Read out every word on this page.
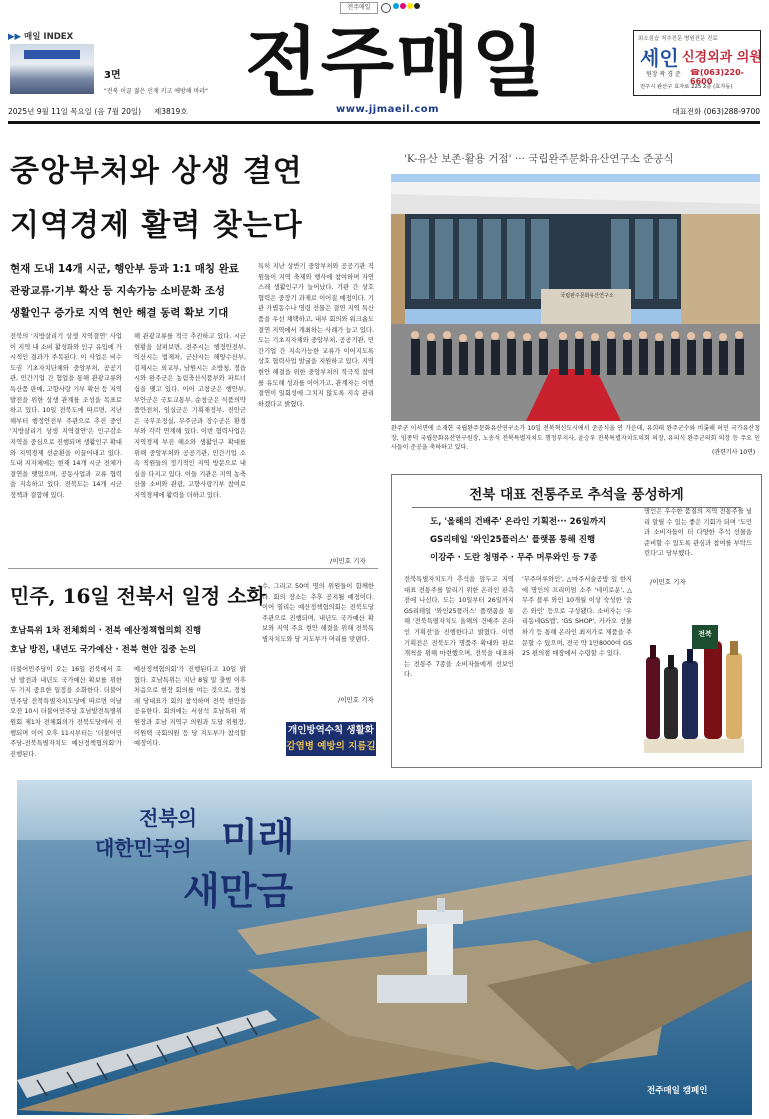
전주매일
▶▶ 매일 INDEX
3면
"전북 이끌 젊은 인재 키고 예방해 바랴" 전주매일	최소침습 척추전문 병원전문 진료
세인 신경외과 의원
원장 곽 경 준 ☎(063)220-6600
전주시 완산구 효자로 225 2층 (효자동)
2025년 9월 11일 목요일 (음 7월 20일) 제3819호	www.jjmaeil.com	대표전화 (063)288-9700
중앙부처와 상생 결연
지역경제 활력 찾는다
현재 도내 14개 시군, 행안부 등과 1:1 매칭 완료
관광교류·기부 확산 등 지속가능 소비문화 조성
생활인구 증가로 지역 현안 해결 동력 확보 기대
전북의 '지방살리기 상생 지역결연' 사업이 지역 내 소비 활성화와 인구 유입에 가시적인 결과가 주목된다. 이 사업은 비수도권 기초자치단체와 중앙부처, 공공기관, 민간기업 간 협업을 통해 관광교류와 특산품 판매, 고향사랑 기부 확산 등 지역 발전을 위한 상생 관계를 조성을 목표로 하고 있다. 10일 전북도에 따르면, 지난해부터 행정안전부 주관으로 추진 중인 '지방살리기 상생 지역결연'은 인구감소 지역을 중심으로 진행되며 생활인구 확대와 지역경제 선순환을 이끌어내고 있다. 도내 지자체에는 현재 14개 시군 전체가 결연을 맺었으며, 공동사업과 교류 협력을 지속하고 있다. 전북도는 14개 시군 정책과 결합해 있다.
해 관광교류를 적극 추진하고 있다. 시군 현황을 살펴보면, 전주시는 행정안전부, 익산시는 법제처, 군산시는 해양수산부, 김제시는 외교부, 남원시는 소방청, 정읍시와 완주군은 농림축산식품부와 파트너십을 맺고 있다. 이어 고창군은 행안부, 부안군은 국토교통부, 순창군은 식품의약품안전처, 임실군은 기획재정부, 진안군은 국무조정실, 무주군과 장수군은 환경부와 각각 연계해 있다. 이번 협력사업은 지역경제 부진 해소와 생활인구 확대를 위해 중앙부처와 공공기관, 민간기업 소속 직원들의 정기적인 지역 방문으로 내실을 다지고 있다. 이들 기관은 지역 농축산물 소비와 관광, 고향사랑기부 참여로 지역경제에 활력을 더하고 있다.
특히 지난 상반기 중앙부처와 공공기관 직원들이 지역 축제와 행사에 참여하며 자연스레 생활인구가 늘어났다. 기관 간 상호 협력은 중장기 과제로 이어질 예정이다. 기관 가볍동수나 명령 선물은 결연 지역 특산품을 우선 채택하고, 내부 회의와 워크숍도 결연 지역에서 개최하는 사례가 늘고 있다. 도는 기초지자체와 중앙부처, 공공기관, 민간기업 간 지속가능한 교류가 이어지도록 상호 협력사업 발굴을 지원하고 있다. 지역 현안 해결을 위한 중앙부처의 적극적 참여를 유도해 성과를 이어가고, 관계자는 이번 결연이 일회성에 그치지 않도록 지속 관리하겠다고 밝혔다.
/이민호 기자
'K-유산 보존·활용 거점' ··· 국립완주문화유산연구소 준공식
국립완주문화유산연구소
완주군 이서면에 소재한 국립완주문화유산연구소가 10일 전북혁신도시에서 준공식을 연 가운데, 유희태 완주군수와 비롯해 허민 국가유산청장, 임종덕 국립문화유산연구원장, 노송석 전북특별자치도 행정부지사, 윤승우 전북특별자치도의회 의장, 유의식 완주군의회 의장 등 주요 인사들이 준공을 축하하고 있다.
(관련기사 10면)
민주, 16일 전북서 일정 소화
호남특위 1차 전체회의 · 전북 예산정책협의회 진행
호남 방진, 내년도 국가예산 · 전북 현안 집중 논의
더불어민주당이 오는 16일 전북에서 호남 발전과 내년도 국가예산 확보를 위한 두 가지 중요한 일정을 소화한다. 더불어민주당 전북특별자치도당에 따르면 이날 오전 10시 더불어민주당 호남발전특별위원회 제1차 전체회의가 전북도당에서 진행되며 이어 오후 11시부터는 '더불어민주당-전북특별자치도 예산정책협의회'가 진행된다.
예산정책협의회'가 진행된다고 10일 밝혔다. 호남특위는 지난 8월 말 출범 이후 처음으로 현장 회의를 여는 것으로, 정청래 당대표가 회의 참석하며 전북 현안을 공유한다. 회의에는 서삼석 호남특위 위원장과 호남 지역구 의원과 도당 위원장, 이원택 국회의원 등 당 지도부가 참석할 예정이다.
수, 그리고 50여 명의 위원들이 함께한다. 회의 장소는 추후 공지될 예정이다. 이어 열리는 예산정책협의회는 전북도당 주관으로 진행되며, 내년도 국가예산 확보와 지역 주요 현안 해결을 위해 전북특별자치도와 당 지도부가 머리를 맞댄다.
/이민호 기자
개인방역수칙 생활화
감염병 예방의 지름길
전북 대표 전통주로 추석을 풍성하게
도, '올해의 건배주' 온라인 기획전··· 26일까지
GS리테일 '와인25플러스' 플랫폼 통해 진행
이강주 · 도란 청명주 · 무주 머루와인 등 7종
전북특별자치도가 추석을 앞두고 지역 대표 전통주를 알리기 위한 온라인 판촉전에 나선다. 도는 10일부터 26일까지 GS리테일 '와인25플러스' 플랫폼을 통해 '전북특별자치도 올해의 건배주 온라인 기획전'을 진행한다고 밝혔다. 이번 기획전은 전북도가 명품주 확대와 판로 개척을 위해 마련했으며, 전북을 대표하는 전통주 7종을 소비자들에게 선보인다.
'무주머루와인', △마주서술공방 잎 한지에 명인의 프리미엄 소주 '네미로운', △무주 블루 와인 10개월 이상 숙성한 '숨은 와인' 등으로 구성됐다. 소비자는 '우리동네GS앱', 'GS SHOP', 카카오 선물하기 등 통해 온라인 최저가로 제품을 주문할 수 있으며, 전국 약 1만8000여 GS25 편의점 매장에서 수령할 수 있다.
명인은 우수한 품질의 지역 전통주를 널리 알릴 수 있는 좋은 기회가 되며 '도민과 소비자들이 더 다양한 추석 선물을 준비할 수 있도록 관심과 참여를 부탁드린다'고 당부했다.
/이민호 기자
전북
전북의
대한민국의 미래
새만금
전주매일 캠페인
